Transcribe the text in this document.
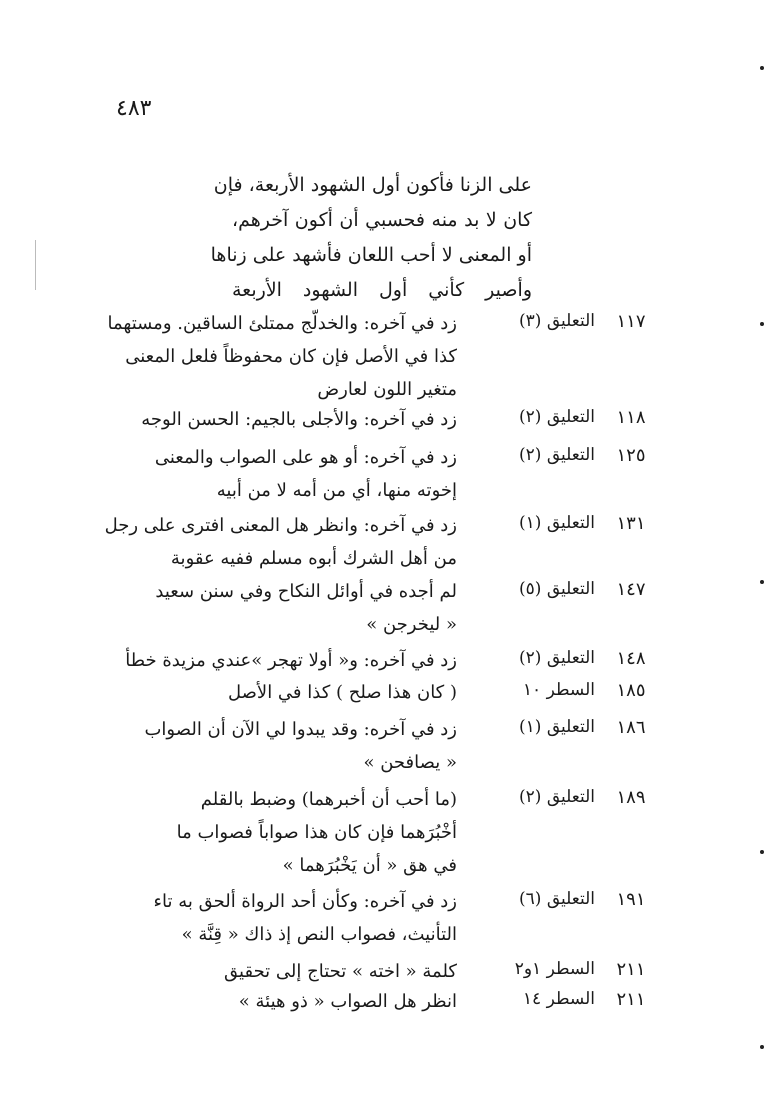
٤٨٣
على الزنا فأكون أول الشهود الأربعة، فإن
كان لا بد منه فحسبي أن أكون آخرهم،
أو المعنى لا أحب اللعان فأشهد على زناها
وأصير كأني أول الشهود الأربعة
١١٧
التعليق (٣)
زد في آخره: والخدلّج ممتلئ الساقين. ومستهما
كذا في الأصل فإن كان محفوظاً فلعل المعنى
متغير اللون لعارض
١١٨
التعليق (٢)
زد في آخره: والأجلى بالجيم: الحسن الوجه
١٢٥
التعليق (٢)
زد في آخره: أو هو على الصواب والمعنى
إخوته منها، أي من أمه لا من أبيه
١٣١
التعليق (١)
زد في آخره: وانظر هل المعنى افترى على رجل
من أهل الشرك أبوه مسلم ففيه عقوبة
١٤٧
التعليق (٥)
لم أجده في أوائل النكاح وفي سنن سعيد
« ليخرجن »
١٤٨
التعليق (٢)
زد في آخره: و« أولا تهجر »عندي مزيدة خطأ
١٨٥
السطر ١٠
( كان هذا صلح ) كذا في الأصل
١٨٦
التعليق (١)
زد في آخره: وقد يبدوا لي الآن أن الصواب
« يصافحن »
١٨٩
التعليق (٢)
(ما أحب أن أخبرهما) وضبط بالقلم
أخْبُرَهما فإن كان هذا صواباً فصواب ما
في هق « أن يَخْبُرَهما »
١٩١
التعليق (٦)
زد في آخره: وكأن أحد الرواة ألحق به تاء
التأنيث، فصواب النص إذ ذاك « قِنَّة »
٢١١
السطر ١و٢
كلمة « اخته » تحتاج إلى تحقيق
٢١١
السطر ١٤
انظر هل الصواب « ذو هيئة »
